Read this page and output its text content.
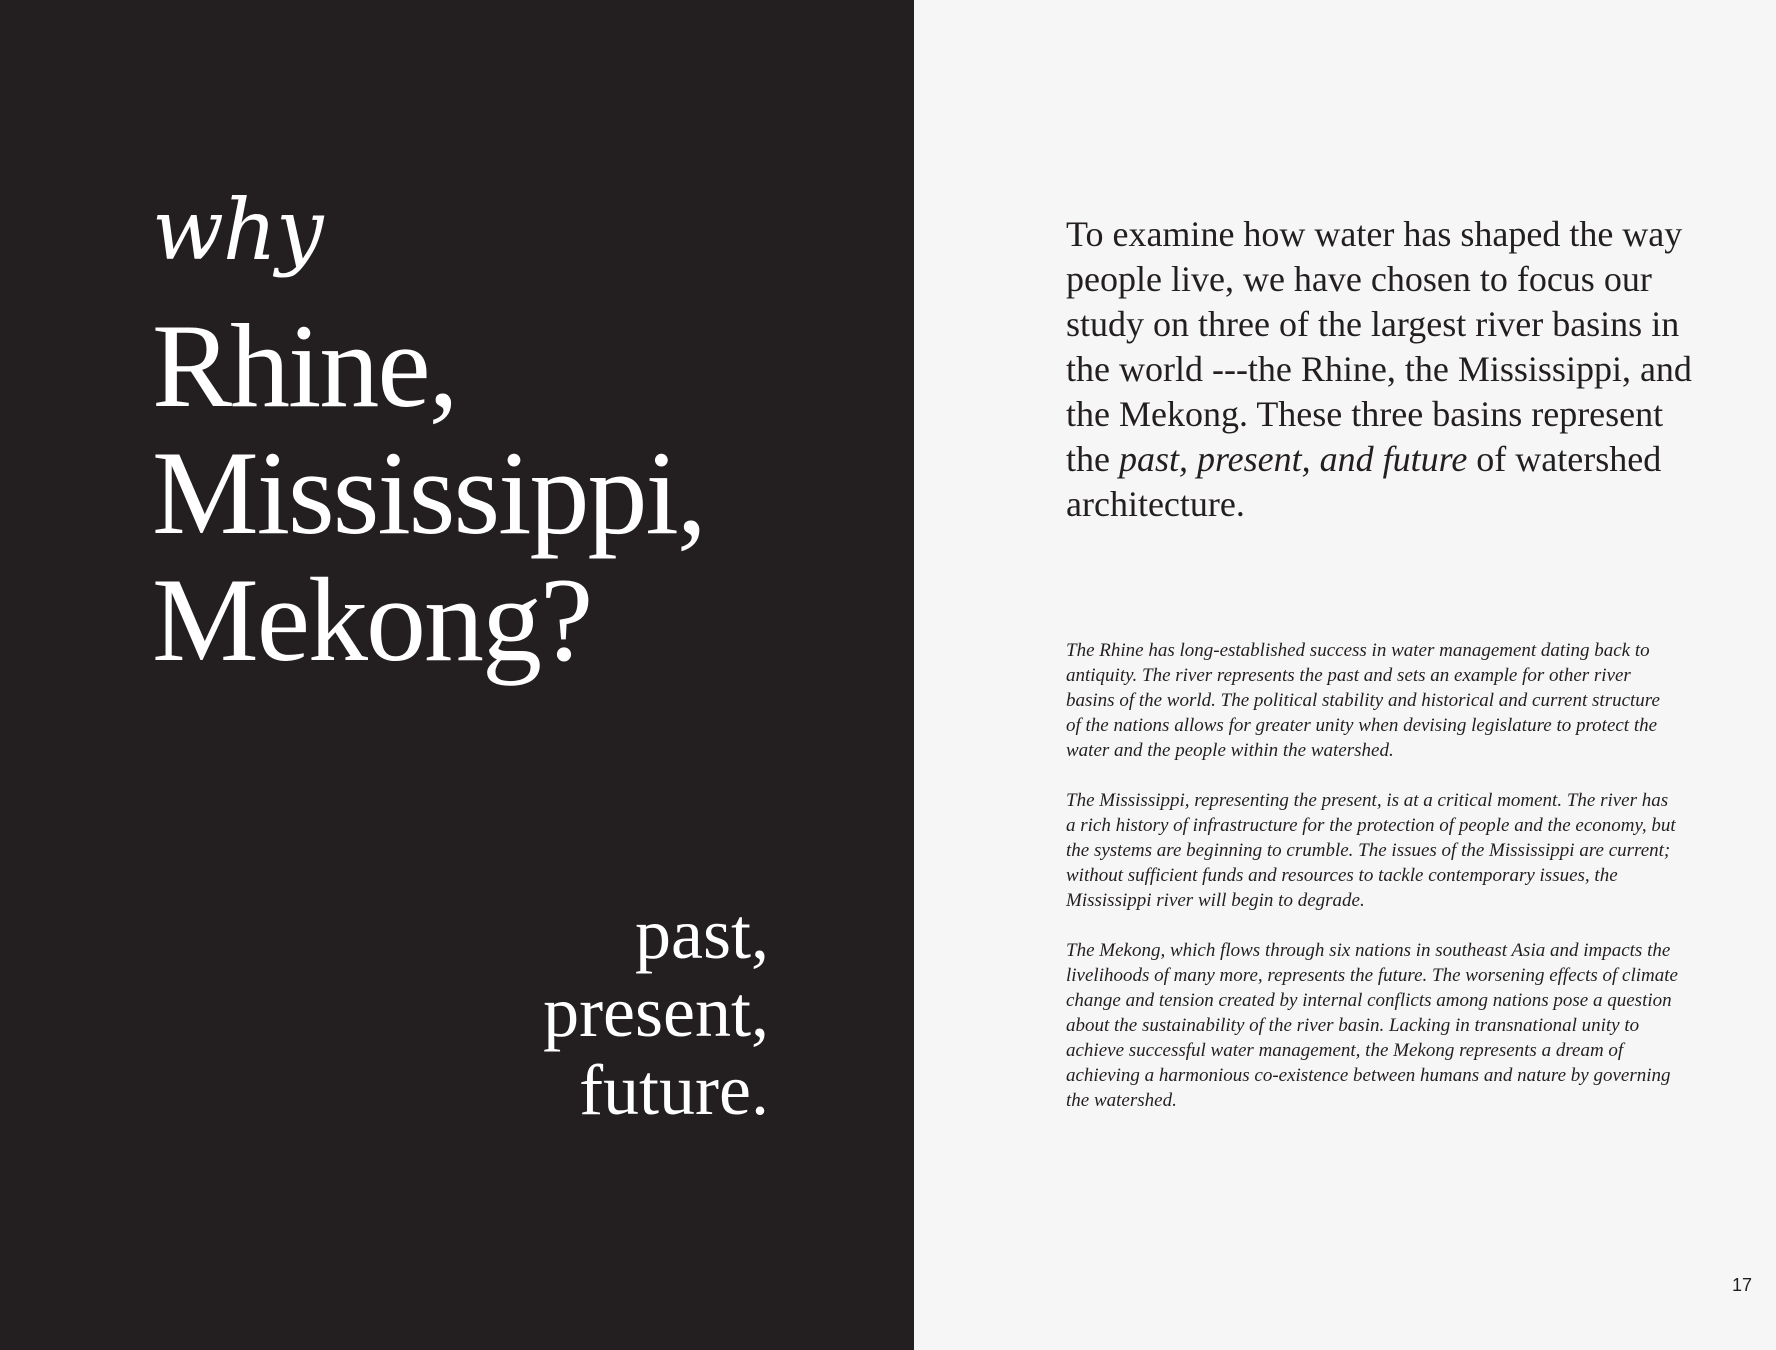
why
Rhine,
Mississippi,
Mekong?

past,
present,
future.

To examine how water has shaped the way people live, we have chosen to focus our study on three of the largest river basins in the world ---the Rhine, the Mississippi, and the Mekong. These three basins represent the past, present, and future of watershed architecture.

The Rhine has long-established success in water management dating back to antiquity. The river represents the past and sets an example for other river basins of the world. The political stability and historical and current structure of the nations allows for greater unity when devising legislature to protect the water and the people within the watershed.

The Mississippi, representing the present, is at a critical moment. The river has a rich history of infrastructure for the protection of people and the economy, but the systems are beginning to crumble. The issues of the Mississippi are current; without sufficient funds and resources to tackle contemporary issues, the Mississippi river will begin to degrade.

The Mekong, which flows through six nations in southeast Asia and impacts the livelihoods of many more, represents the future. The worsening effects of climate change and tension created by internal conflicts among nations pose a question about the sustainability of the river basin. Lacking in transnational unity to achieve successful water management, the Mekong represents a dream of achieving a harmonious co-existence between humans and nature by governing the watershed.

17
